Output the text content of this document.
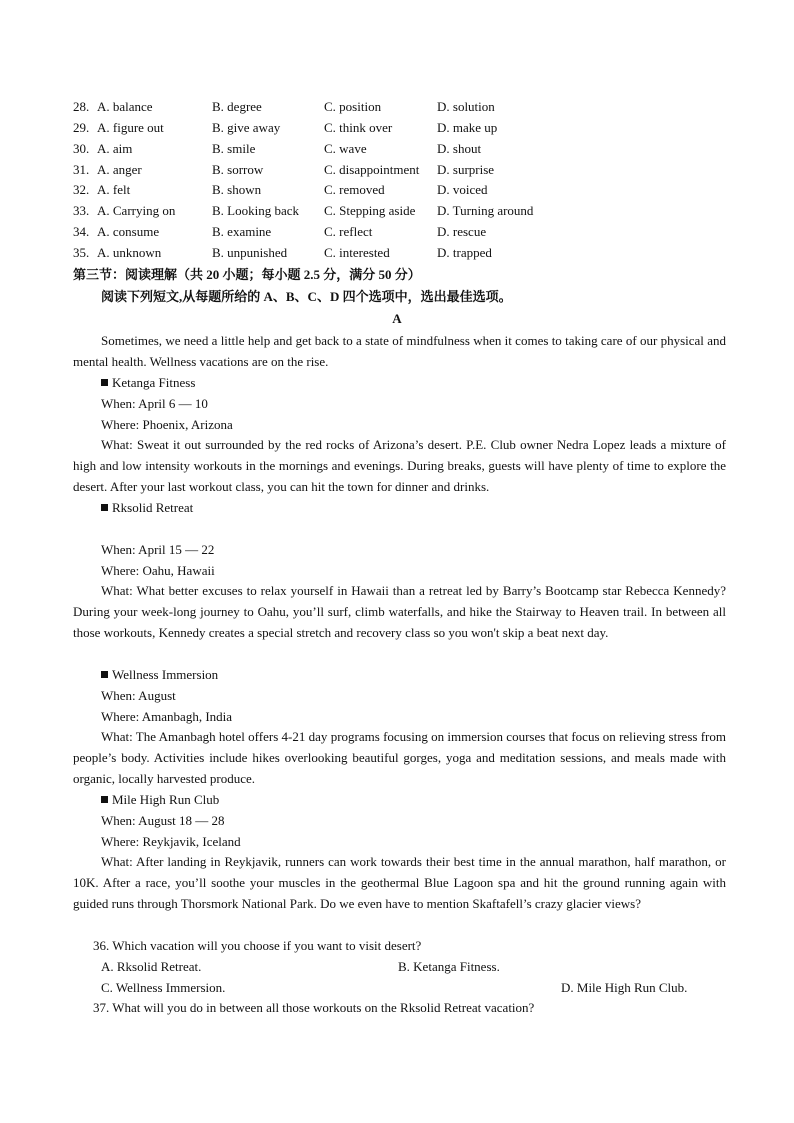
28. A. balance	B. degree	C. position	D. solution
29. A. figure out	B. give away	C. think over	D. make up
30. A. aim	B. smile	C. wave	D. shout
31. A. anger	B. sorrow	C. disappointment D. surprise
32. A. felt	B. shown	C. removed	D. voiced
33. A. Carrying on	B. Looking back C. Stepping aside D. Turning around
34. A. consume	B. examine	C. reflect	D. rescue
35. A. unknown	B. unpunished	C. interested	D. trapped
第三节：阅读理解（共 20 小题；每小题 2.5 分，满分 50 分）
阅读下列短文,从每题所给的 A、B、C、D 四个选项中，选出最佳选项。
A

Sometimes, we need a little help and get back to a state of mindfulness when it comes to taking care of our physical and mental health. Wellness vacations are on the rise.

Ketanga Fitness
When: April 6 — 10
Where: Phoenix, Arizona

What: Sweat it out surrounded by the red rocks of Arizona’s desert. P.E. Club owner Nedra Lopez leads a mixture of high and low intensity workouts in the mornings and evenings. During breaks, guests will have plenty of time to explore the desert. After your last workout class, you can hit the town for dinner and drinks.

Rksolid Retreat
When: April 15 — 22
Where: Oahu, Hawaii

What: What better excuses to relax yourself in Hawaii than a retreat led by Barry’s Bootcamp star Rebecca Kennedy? During your week-long journey to Oahu, you’ll surf, climb waterfalls, and hike the Stairway to Heaven trail. In between all those workouts, Kennedy creates a special stretch and recovery class so you won't skip a beat next day.

Wellness Immersion
When: August
Where: Amanbagh, India

What: The Amanbagh hotel offers 4-21 day programs focusing on immersion courses that focus on relieving stress from people’s body. Activities include hikes overlooking beautiful gorges, yoga and meditation sessions, and meals made with organic, locally harvested produce.

Mile High Run Club
When: August 18 — 28
Where: Reykjavik, Iceland

What: After landing in Reykjavik, runners can work towards their best time in the annual marathon, half marathon, or 10K. After a race, you’ll soothe your muscles in the geothermal Blue Lagoon spa and hit the ground running again with guided runs through Thorsmork National Park. Do we even have to mention Skaftafell’s crazy glacier views?

36. Which vacation will you choose if you want to visit desert?
A. Rksolid Retreat.	B. Ketanga Fitness.
C. Wellness Immersion.	D. Mile High Run Club.
37. What will you do in between all those workouts on the Rksolid Retreat vacation?
